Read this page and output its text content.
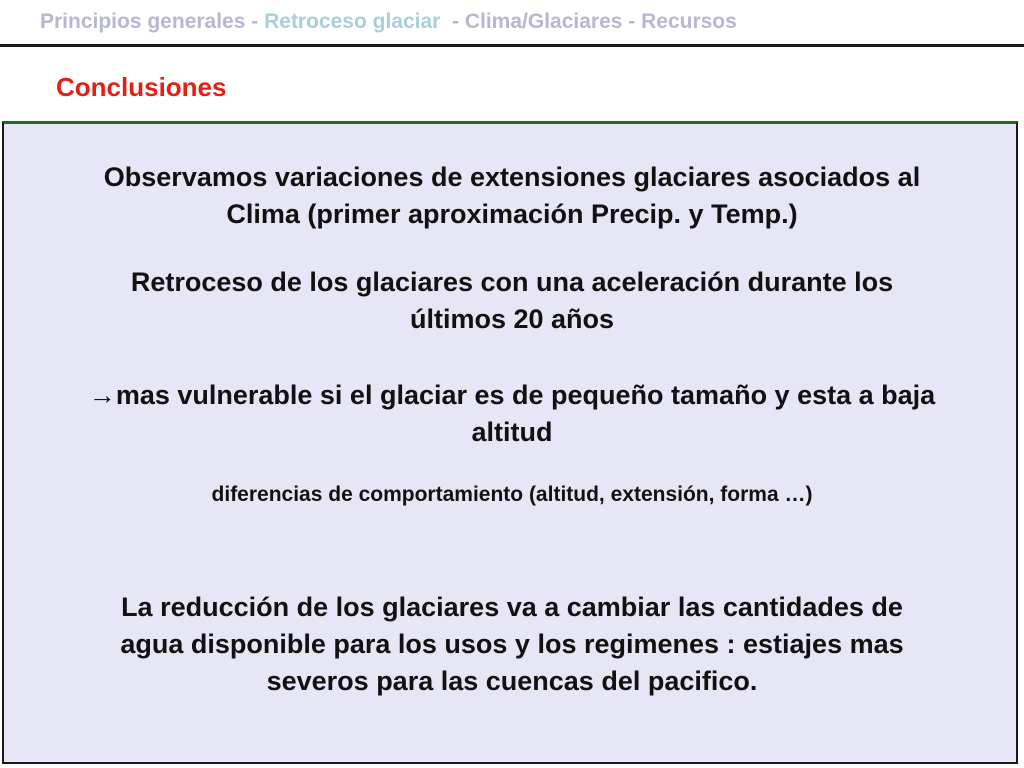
Principios generales - Retroceso glaciar  - Clima/Glaciares - Recursos
Conclusiones
Observamos variaciones de extensiones glaciares asociados al
Clima (primer aproximación Precip. y Temp.)
Retroceso de los glaciares con una aceleración durante los
últimos 20 años
→mas vulnerable si el glaciar es de pequeño tamaño y esta a baja
altitud
diferencias de comportamiento (altitud, extensión, forma …)
La reducción de los glaciares va a cambiar las cantidades de
agua disponible para los usos y los regimenes : estiajes mas
severos para las cuencas del pacifico.
